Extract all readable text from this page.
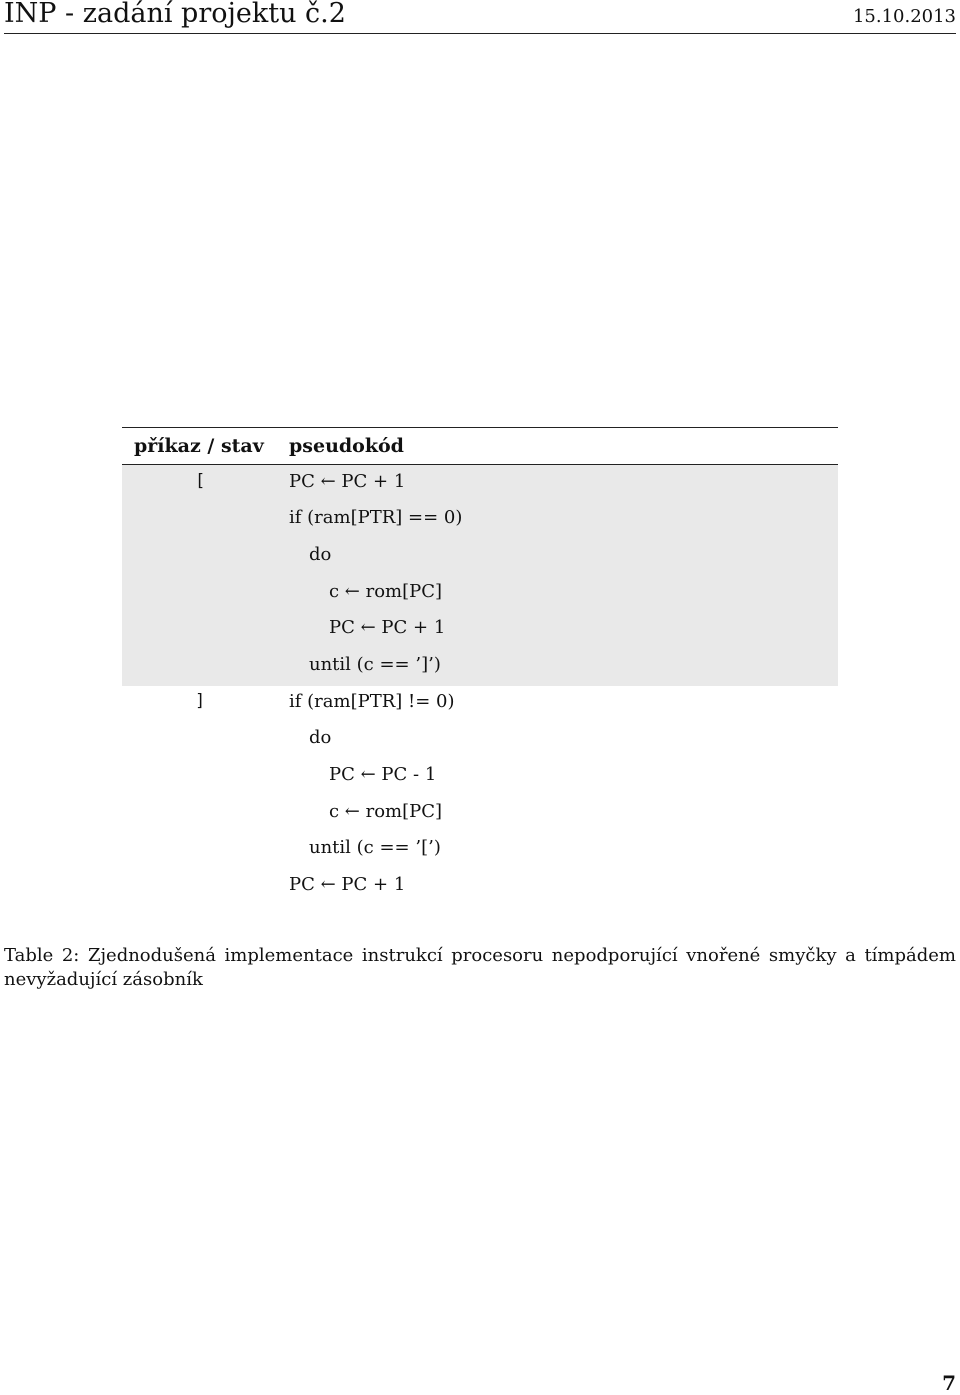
INP - zadání projektu č.2	15.10.2013
příkaz / stav pseudokód
[	PC ← PC + 1
if (ram[PTR] == 0)
do
c ← rom[PC]
PC ← PC + 1
until (c == ’]’)
]	if (ram[PTR] != 0)
do
PC ← PC - 1
c ← rom[PC]
until (c == ’[’)
PC ← PC + 1
Table 2: Zjednodušená implementace instrukcí procesoru nepodporující vnořené smyčky a tímpádem nevyžadující zásobník
7
